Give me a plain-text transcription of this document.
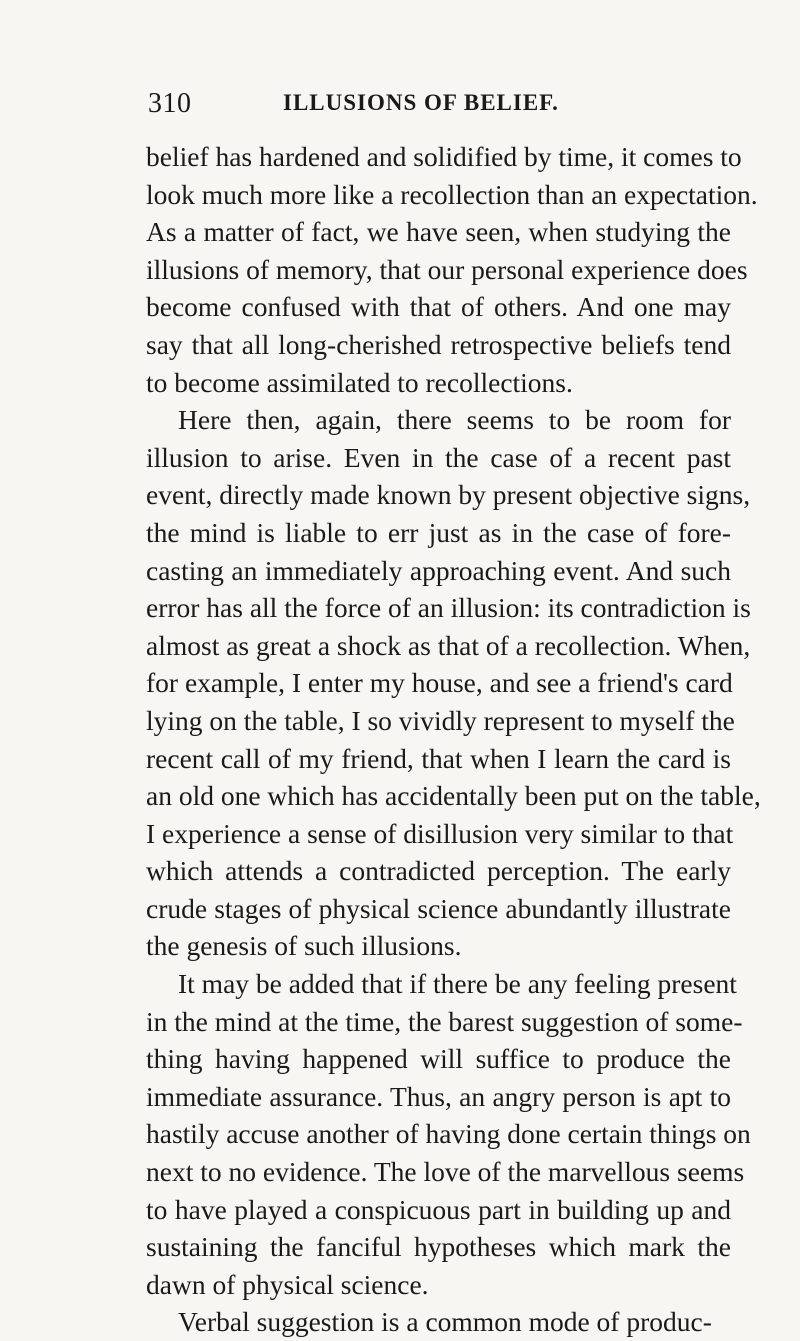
310	ILLUSIONS OF BELIEF.
belief has hardened and solidified by time, it comes to
look much more like a recollection than an expectation.
As a matter of fact, we have seen, when studying the
illusions of memory, that our personal experience does
become confused with that of others. And one may
say that all long-cherished retrospective beliefs tend
to become assimilated to recollections.
Here then, again, there seems to be room for
illusion to arise. Even in the case of a recent past
event, directly made known by present objective signs,
the mind is liable to err just as in the case of fore-
casting an immediately approaching event. And such
error has all the force of an illusion: its contradiction is
almost as great a shock as that of a recollection. When,
for example, I enter my house, and see a friend's card
lying on the table, I so vividly represent to myself the
recent call of my friend, that when I learn the card is
an old one which has accidentally been put on the table,
I experience a sense of disillusion very similar to that
which attends a contradicted perception. The early
crude stages of physical science abundantly illustrate
the genesis of such illusions.
It may be added that if there be any feeling present
in the mind at the time, the barest suggestion of some-
thing having happened will suffice to produce the
immediate assurance. Thus, an angry person is apt to
hastily accuse another of having done certain things on
next to no evidence. The love of the marvellous seems
to have played a conspicuous part in building up and
sustaining the fanciful hypotheses which mark the
dawn of physical science.
Verbal suggestion is a common mode of produc-
